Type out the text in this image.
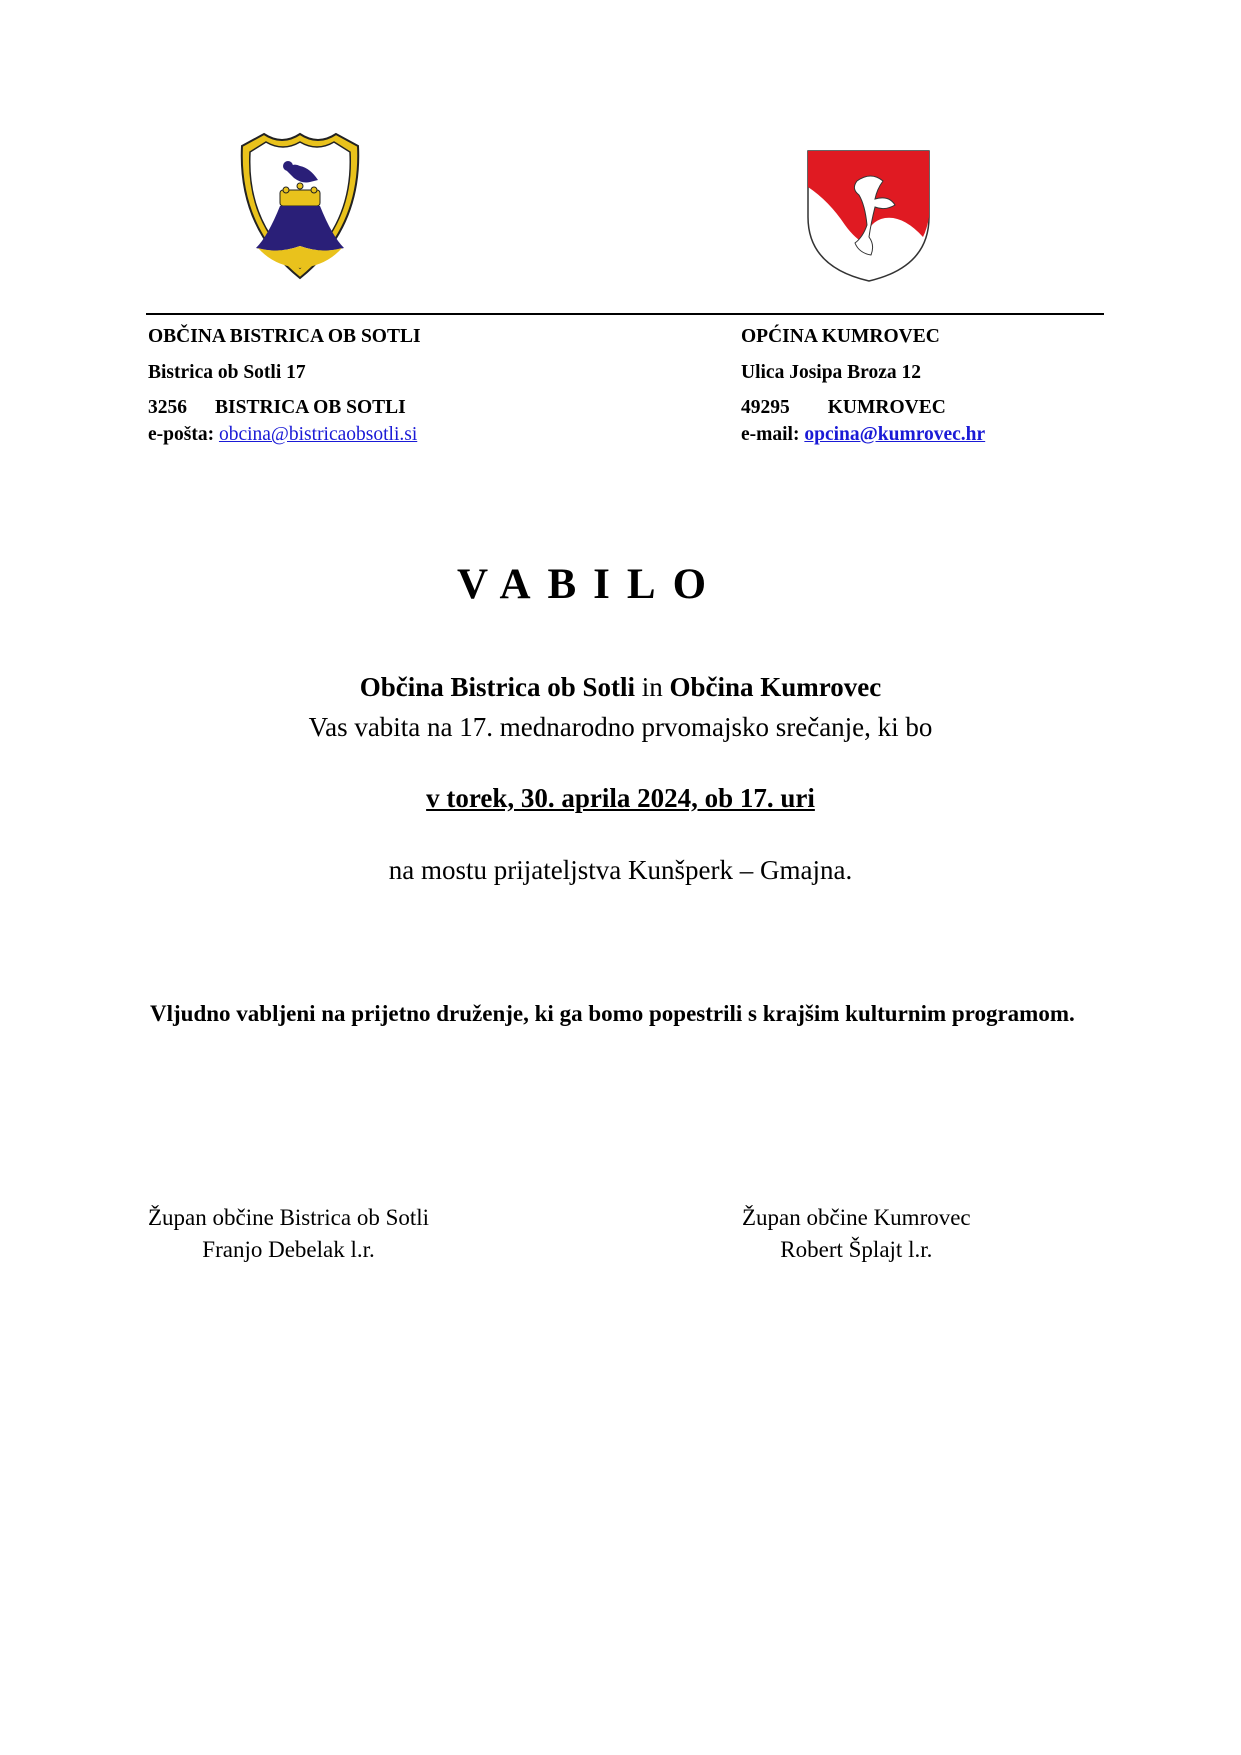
OBČINA BISTRICA OB SOTLI
Bistrica ob Sotli 17
3256 BISTRICA OB SOTLI
e-pošta: obcina@bistricaobsotli.si
OPĆINA KUMROVEC
Ulica Josipa Broza 12
49295 KUMROVEC
e-mail: opcina@kumrovec.hr
VABILO
Občina Bistrica ob Sotli in Občina Kumrovec
Vas vabita na 17. mednarodno prvomajsko srečanje, ki bo
v torek, 30. aprila 2024, ob 17. uri
na mostu prijateljstva Kunšperk – Gmajna.
Vljudno vabljeni na prijetno druženje, ki ga bomo popestrili s krajšim kulturnim programom.
Župan občine Bistrica ob Sotli
Franjo Debelak l.r.
Župan občine Kumrovec
Robert Šplajt l.r.
